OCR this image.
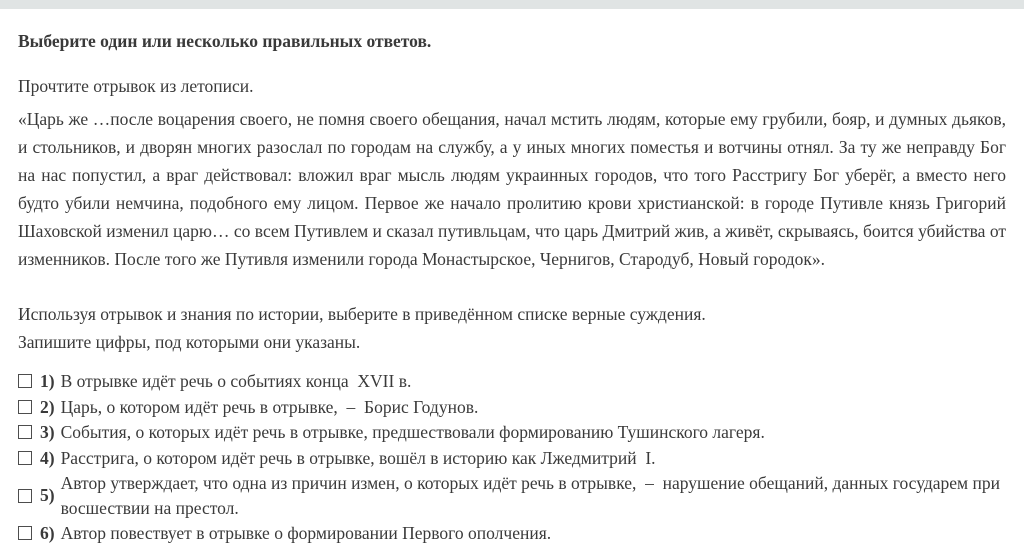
Выберите один или несколько правильных ответов.
Прочтите отрывок из летописи.
«Царь же …после воцарения своего, не помня своего обещания, начал мстить людям, которые ему грубили, бояр, и думных дьяков, и стольников, и дворян многих разослал по городам на службу, а у иных многих поместья и вотчины отнял. За ту же неправду Бог на нас попустил, а враг действовал: вложил враг мысль людям украинных городов, что того Расстригу Бог уберёг, а вместо него будто убили немчина, подобного ему лицом. Первое же начало пролитию крови христианской: в городе Путивле князь Григорий Шаховской изменил царю… со всем Путивлем и сказал путивльцам, что царь Дмитрий жив, а живёт, скрываясь, боится убийства от изменников. После того же Путивля изменили города Монастырское, Чернигов, Стародуб, Новый городок».
Используя отрывок и знания по истории, выберите в приведённом списке верные суждения.
Запишите цифры, под которыми они указаны.
1) В отрывке идёт речь о событиях конца  XVII в.
2) Царь, о котором идёт речь в отрывке,  –  Борис Годунов.
3) События, о которых идёт речь в отрывке, предшествовали формированию Тушинского лагеря.
4) Расстрига, о котором идёт речь в отрывке, вошёл в историю как Лжедмитрий  I.
5)
Автор утверждает, что одна из причин измен, о которых идёт речь в отрывке,  –  нарушение обещаний, данных государем при восшествии на престол.
6) Автор повествует в отрывке о формировании Первого ополчения.
